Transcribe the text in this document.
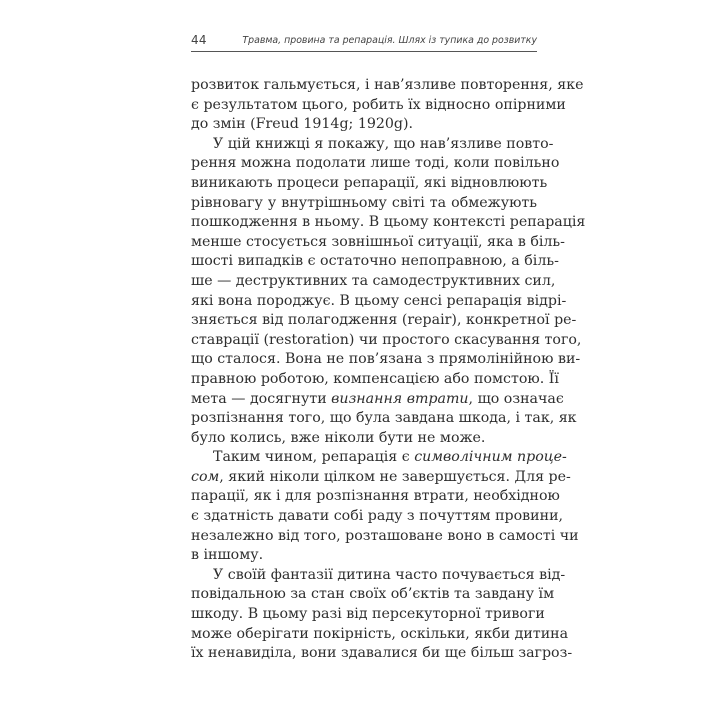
44	Травма, провина та репарація. Шлях із тупика до розвитку
розвиток гальмується, і нав’язливе повторення, яке
є результатом цього, робить їх відносно опірними
до змін (Freud 1914g; 1920g).
У цій книжці я покажу, що нав’язливе повто-
рення можна подолати лише тоді, коли повільно
виникають процеси репарації, які відновлюють
рівновагу у внутрішньому світі та обмежують
пошкодження в ньому. В цьому контексті репарація
менше стосується зовнішньої ситуації, яка в біль-
шості випадків є остаточно непоправною, а біль-
ше — деструктивних та самодеструктивних сил,
які вона породжує. В цьому сенсі репарація відрі-
зняється від полагодження (repair), конкретної ре-
ставрації (restoration) чи простого скасування того,
що сталося. Вона не пов’язана з прямолінійною ви-
правною роботою, компенсацією або помстою. Її
мета — досягнути визнання втрати, що означає
розпізнання того, що була завдана шкода, і так, як
було колись, вже ніколи бути не може.
Таким чином, репарація є символічним проце-
сом, який ніколи цілком не завершується. Для ре-
парації, як і для розпізнання втрати, необхідною
є здатність давати собі раду з почуттям провини,
незалежно від того, розташоване воно в самості чи
в іншому.
У своїй фантазії дитина часто почувається від-
повідальною за стан своїх об’єктів та завдану їм
шкоду. В цьому разі від персекуторної тривоги
може оберігати покірність, оскільки, якби дитина
їх ненавиділа, вони здавалися би ще більш загроз-
